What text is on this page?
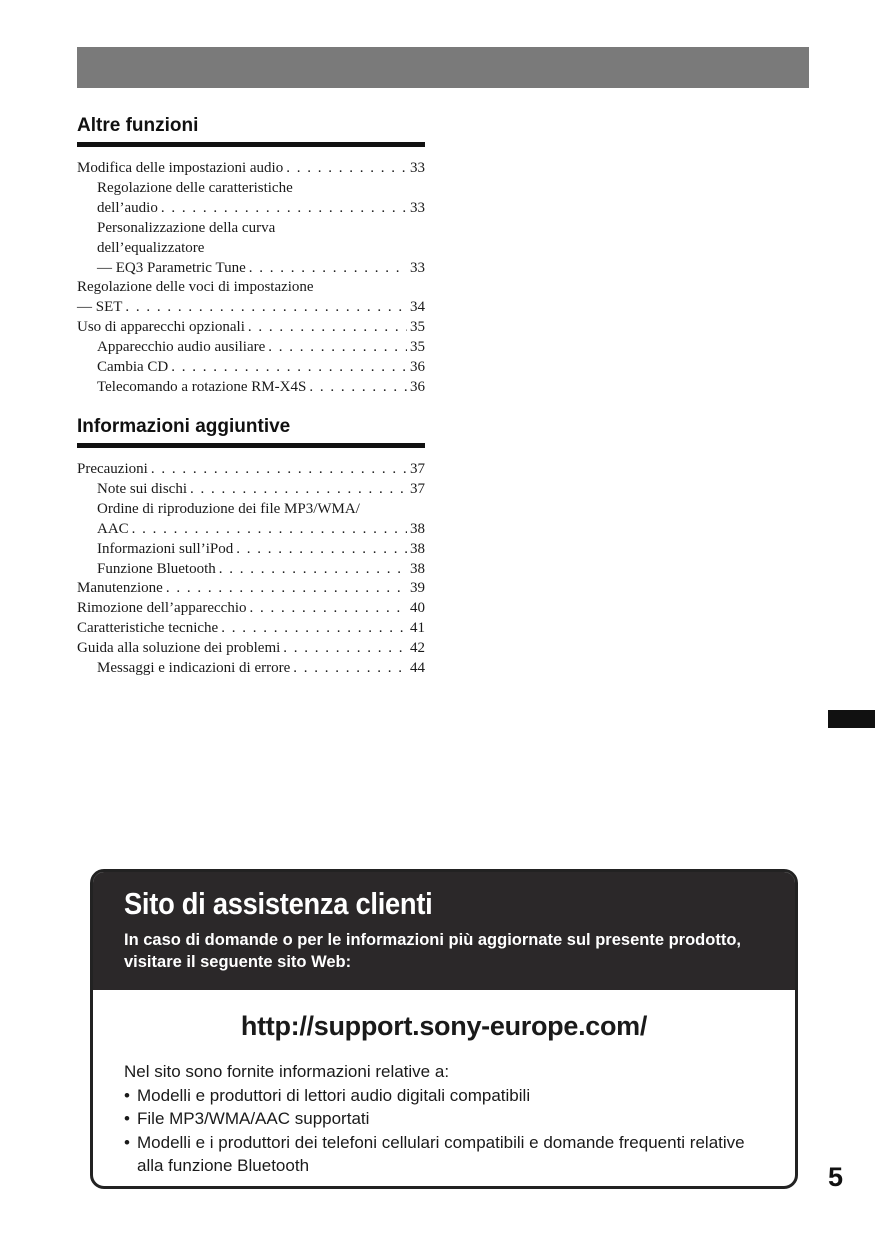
Altre funzioni
Modifica delle impostazioni audio . . .	33
Regolazione delle caratteristiche
dell’audio . . .	33
Personalizzazione della curva
dell’equalizzatore
— EQ3 Parametric Tune . . .	33
Regolazione delle voci di impostazione
— SET . . .	34
Uso di apparecchi opzionali . . .	35
Apparecchio audio ausiliare . . .	35
Cambia CD . . .	36
Telecomando a rotazione RM-X4S . . .	36
Informazioni aggiuntive
Precauzioni . . .	37
Note sui dischi . . .	37
Ordine di riproduzione dei file MP3/WMA/
AAC . . .	38
Informazioni sull’iPod . . .	38
Funzione Bluetooth . . .	38
Manutenzione . . .	39
Rimozione dell’apparecchio . . .	40
Caratteristiche tecniche . . .	41
Guida alla soluzione dei problemi . . .	42
Messaggi e indicazioni di errore . . .	44
Sito di assistenza clienti
In caso di domande o per le informazioni più aggiornate sul presente prodotto, visitare il seguente sito Web:
http://support.sony-europe.com/
Nel sito sono fornite informazioni relative a:
• Modelli e produttori di lettori audio digitali compatibili
• File MP3/WMA/AAC supportati
• Modelli e i produttori dei telefoni cellulari compatibili e domande frequenti relative alla funzione Bluetooth	5
